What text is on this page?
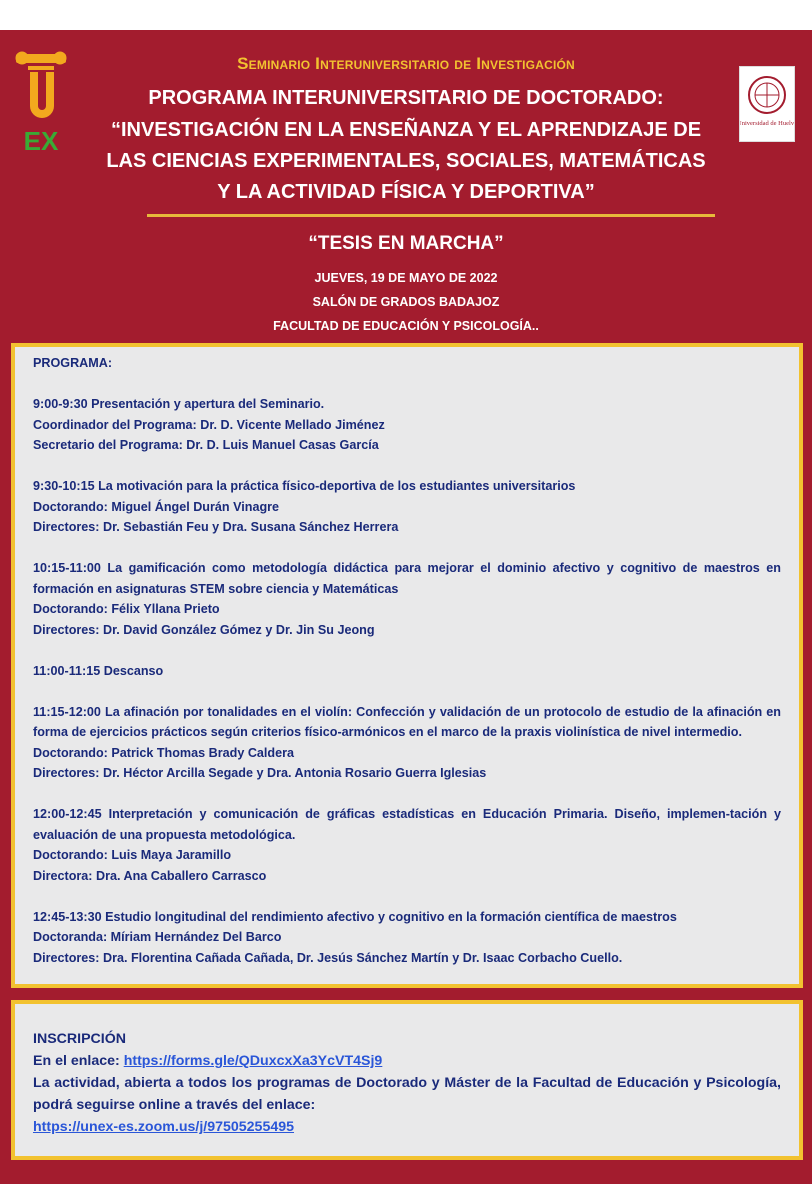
EX

Seminario Interuniversitario de Investigación

PROGRAMA INTERUNIVERSITARIO DE DOCTORADO:

“INVESTIGACIÓN EN LA ENSEÑANZA Y EL APRENDIZAJE DE

LAS CIENCIAS EXPERIMENTALES, SOCIALES, MATEMÁTICAS

Y LA ACTIVIDAD FÍSICA Y DEPORTIVA”

Universidad de Huelva

“TESIS EN MARCHA”

JUEVES, 19 DE MAYO DE 2022

SALÓN DE GRADOS BADAJOZ

FACULTAD DE EDUCACIÓN Y PSICOLOGÍA..

PROGRAMA:

9:00-9:30 Presentación y apertura del Seminario.

Coordinador del Programa: Dr. D. Vicente Mellado Jiménez

Secretario del Programa: Dr. D. Luis Manuel Casas García

9:30-10:15 La motivación para la práctica físico-deportiva de los estudiantes universitarios

Doctorando: Miguel Ángel Durán Vinagre

Directores: Dr. Sebastián Feu y Dra. Susana Sánchez Herrera

10:15-11:00 La gamificación como metodología didáctica para mejorar el dominio afectivo y cognitivo de maestros en formación en asignaturas STEM sobre ciencia y Matemáticas

Doctorando: Félix Yllana Prieto

Directores: Dr. David González Gómez y Dr. Jin Su Jeong

11:00-11:15 Descanso

11:15-12:00 La afinación por tonalidades en el violín: Confección y validación de un protocolo de estudio de la afinación en forma de ejercicios prácticos según criterios físico-armónicos en el marco de la praxis violinística de nivel intermedio.

Doctorando: Patrick Thomas Brady Caldera

Directores: Dr. Héctor Arcilla Segade y Dra. Antonia Rosario Guerra Iglesias

12:00-12:45 Interpretación y comunicación de gráficas estadísticas en Educación Primaria. Diseño, implemen-tación y evaluación de una propuesta metodológica.

Doctorando: Luis Maya Jaramillo

Directora: Dra. Ana Caballero Carrasco

12:45-13:30 Estudio longitudinal del rendimiento afectivo y cognitivo en la formación científica de maestros

Doctoranda: Míriam Hernández Del Barco

Directores: Dra. Florentina Cañada Cañada, Dr. Jesús Sánchez Martín y Dr. Isaac Corbacho Cuello.

INSCRIPCIÓN

En el enlace: https://forms.gle/QDuxcxXa3YcVT4Sj9

La actividad, abierta a todos los programas de Doctorado y Máster de la Facultad de Educación y Psicología, podrá seguirse online a través del enlace:

https://unex-es.zoom.us/j/97505255495
